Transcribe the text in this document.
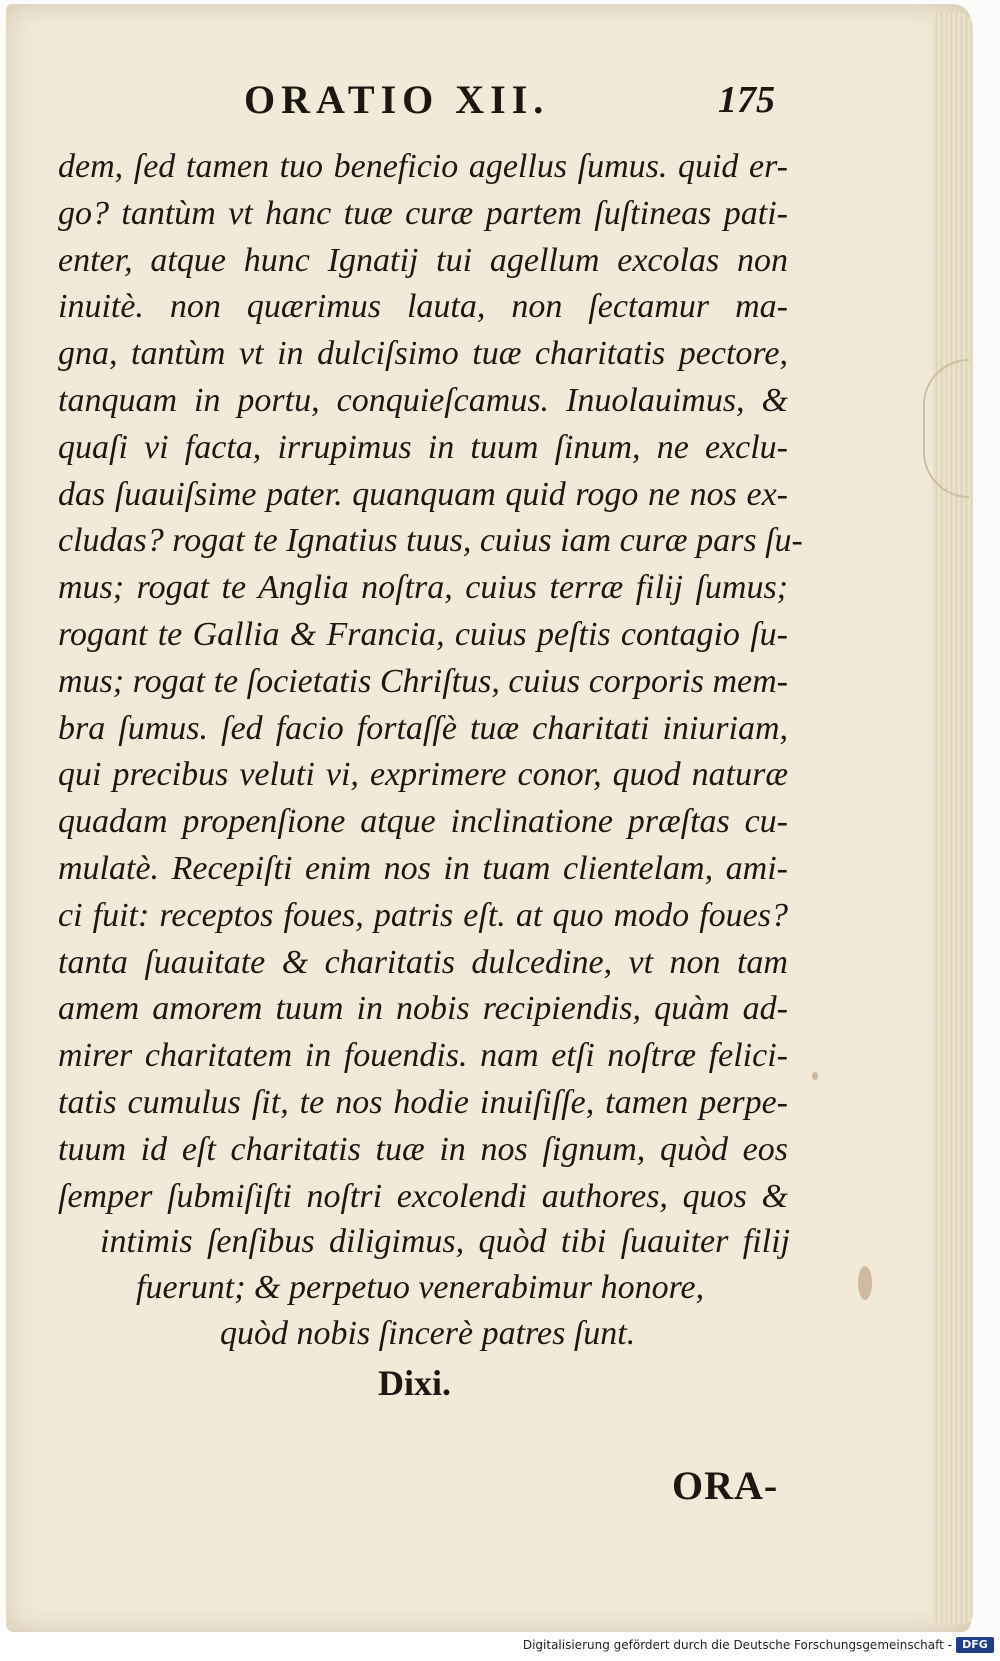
ORATIO XII.	175
dem, ſed tamen tuo beneficio agellus ſumus. quid er-
go? tantùm vt hanc tuæ curæ partem ſuſtineas pati-
enter, atque hunc Ignatij tui agellum excolas non
inuitè. non quærimus lauta, non ſectamur ma-
gna, tantùm vt in dulciſsimo tuæ charitatis pectore,
tanquam in portu, conquieſcamus. Inuolauimus, &
quaſi vi facta, irrupimus in tuum ſinum, ne exclu-
das ſuauiſsime pater. quanquam quid rogo ne nos ex-
cludas? rogat te Ignatius tuus, cuius iam curæ pars ſu-
mus; rogat te Anglia noſtra, cuius terræ filij ſumus;
rogant te Gallia & Francia, cuius peſtis contagio ſu-
mus; rogat te ſocietatis Chriſtus, cuius corporis mem-
bra ſumus. ſed facio fortaſſè tuæ charitati iniuriam,
qui precibus veluti vi, exprimere conor, quod naturæ
quadam propenſione atque inclinatione præſtas cu-
mulatè. Recepiſti enim nos in tuam clientelam, ami-
ci fuit: receptos foues, patris eſt. at quo modo foues?
tanta ſuauitate & charitatis dulcedine, vt non tam
amem amorem tuum in nobis recipiendis, quàm ad-
mirer charitatem in fouendis. nam etſi noſtræ felici-
tatis cumulus ſit, te nos hodie inuiſiſſe, tamen perpe-
tuum id eſt charitatis tuæ in nos ſignum, quòd eos
ſemper ſubmiſiſti noſtri excolendi authores, quos &
intimis ſenſibus diligimus, quòd tibi ſuauiter filij
fuerunt; & perpetuo venerabimur honore,
quòd nobis ſincerè patres ſunt.
Dixi.
ORA-
Digitalisierung gefördert durch die Deutsche Forschungsgemeinschaft - DFG
